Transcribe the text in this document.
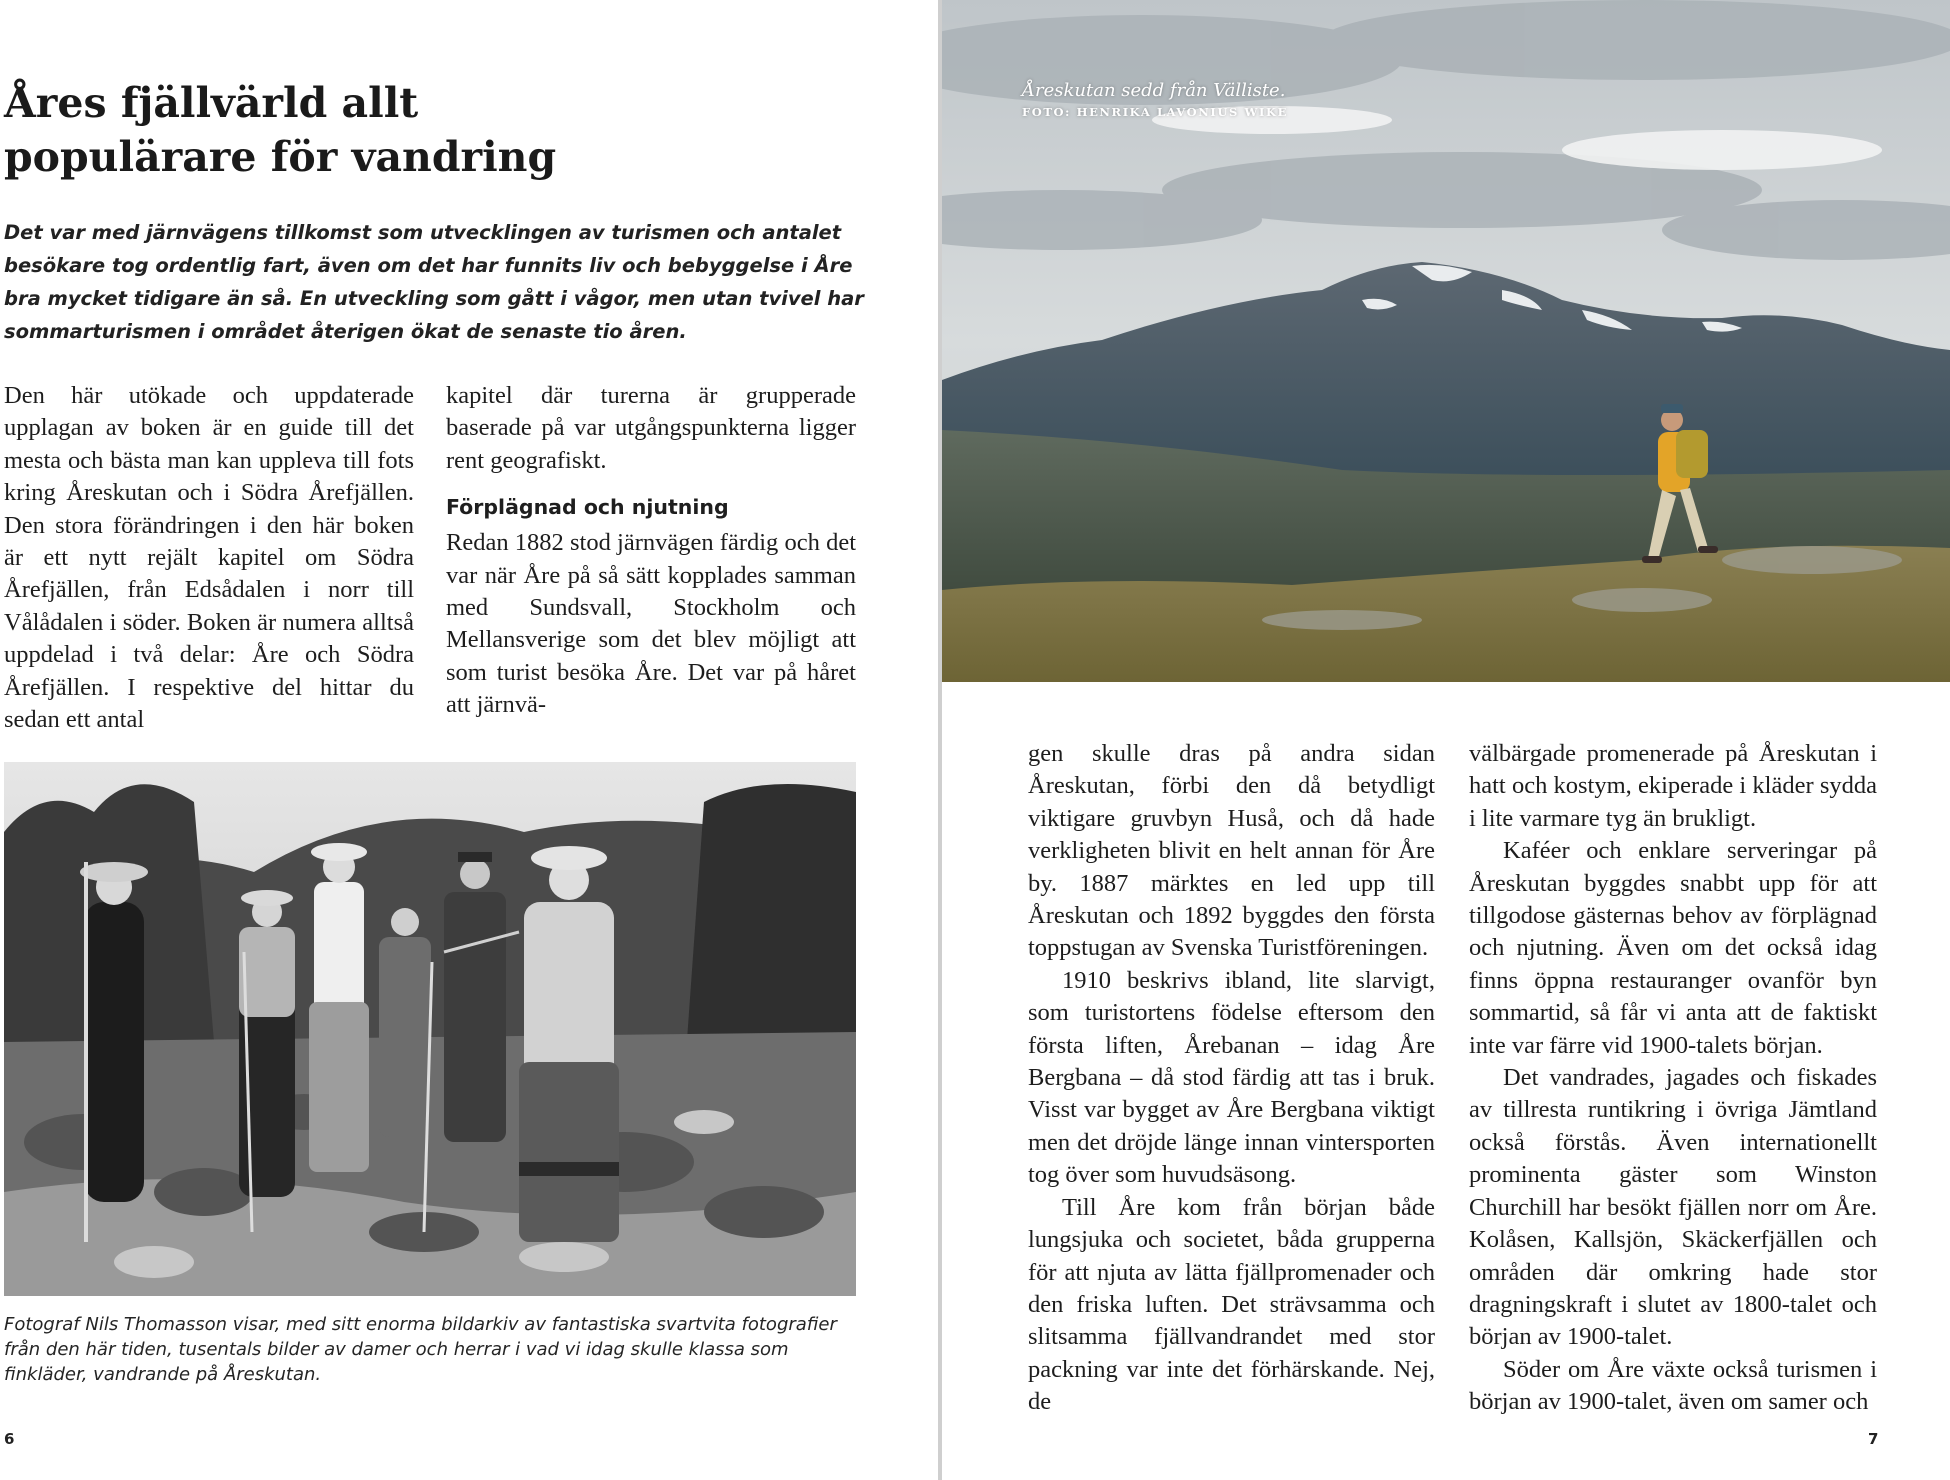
Åres fjällvärld allt
populärare för vandring

Det var med järnvägens tillkomst som utvecklingen av turismen och antalet besökare tog ordentlig fart, även om det har funnits liv och bebyggelse i Åre bra mycket tidigare än så. En utveckling som gått i vågor, men utan tvivel har sommarturismen i området återigen ökat de senaste tio åren.

Den här utökade och uppdaterade upplagan av boken är en guide till det mesta och bästa man kan uppleva till fots kring Åreskutan och i Södra Årefjällen. Den stora förändringen i den här boken är ett nytt rejält kapitel om Södra Årefjällen, från Edsådalen i norr till Vålådalen i söder. Boken är numera alltså uppdelad i två delar: Åre och Södra Årefjällen. I respektive del hittar du sedan ett antal

kapitel där turerna är grupperade baserade på var utgångspunkterna ligger rent geografiskt.

Förplägnad och njutning

Redan 1882 stod järnvägen färdig och det var när Åre på så sätt kopplades samman med Sundsvall, Stockholm och Mellansverige som det blev möjligt att som turist besöka Åre. Det var på håret att järnvä-

Fotograf Nils Thomasson visar, med sitt enorma bildarkiv av fantastiska svartvita fotografier från den här tiden, tusentals bilder av damer och herrar i vad vi idag skulle klassa som finkläder, vandrande på Åreskutan.

6

Åreskutan sedd från Välliste.

FOTO: HENRIKA LAVONIUS WIKE

gen skulle dras på andra sidan Åreskutan, förbi den då betydligt viktigare gruvbyn Huså, och då hade verkligheten blivit en helt annan för Åre by. 1887 märktes en led upp till Åreskutan och 1892 byggdes den första toppstugan av Svenska Turistföreningen.

1910 beskrivs ibland, lite slarvigt, som turistortens födelse eftersom den första liften, Årebanan – idag Åre Bergbana – då stod färdig att tas i bruk. Visst var bygget av Åre Bergbana viktigt men det dröjde länge innan vintersporten tog över som huvudsäsong.

Till Åre kom från början både lungsjuka och societet, båda grupperna för att njuta av lätta fjällpromenader och den friska luften. Det strävsamma och slitsamma fjällvandrandet med stor packning var inte det förhärskande. Nej, de

välbärgade promenerade på Åreskutan i hatt och kostym, ekiperade i kläder sydda i lite varmare tyg än brukligt.

Kaféer och enklare serveringar på Åreskutan byggdes snabbt upp för att tillgodose gästernas behov av förplägnad och njutning. Även om det också idag finns öppna restauranger ovanför byn sommartid, så får vi anta att de faktiskt inte var färre vid 1900-talets början.

Det vandrades, jagades och fiskades av tillresta runtikring i övriga Jämtland också förstås. Även internationellt prominenta gäster som Winston Churchill har besökt fjällen norr om Åre. Kolåsen, Kallsjön, Skäckerfjällen och områden där omkring hade stor dragningskraft i slutet av 1800-talet och början av 1900-talet.

Söder om Åre växte också turismen i början av 1900-talet, även om samer och

7
